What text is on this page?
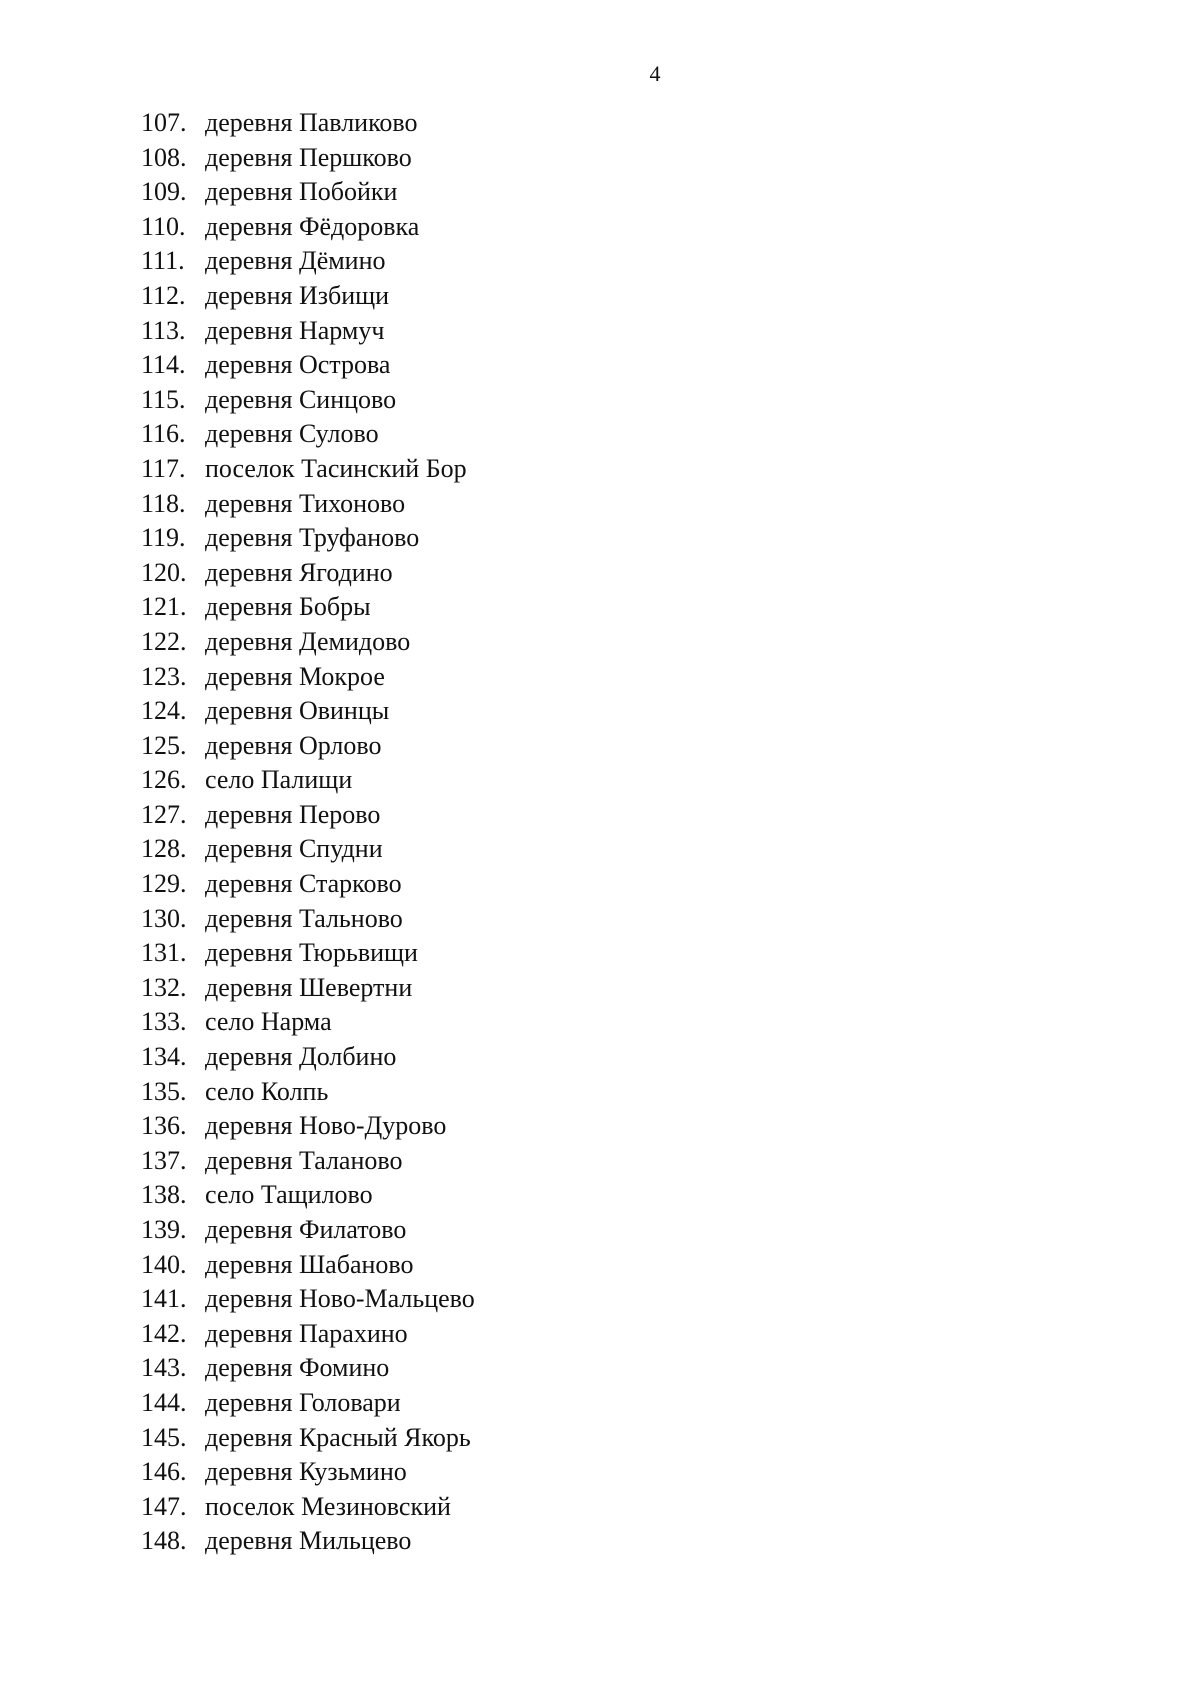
4
107. деревня Павликово
108. деревня Першково
109. деревня Побойки
110. деревня Фёдоровка
111. деревня Дёмино
112. деревня Избищи
113. деревня Нармуч
114. деревня Острова
115. деревня Синцово
116. деревня Сулово
117. поселок Тасинский Бор
118. деревня Тихоново
119. деревня Труфаново
120. деревня Ягодино
121. деревня Бобры
122. деревня Демидово
123. деревня Мокрое
124. деревня Овинцы
125. деревня Орлово
126. село Палищи
127. деревня Перово
128. деревня Спудни
129. деревня Старково
130. деревня Тальново
131. деревня Тюрьвищи
132. деревня Шевертни
133. село Нарма
134. деревня Долбино
135. село Колпь
136. деревня Ново-Дурово
137. деревня Таланово
138. село Тащилово
139. деревня Филатово
140. деревня Шабаново
141. деревня Ново-Мальцево
142. деревня Парахино
143. деревня Фомино
144. деревня Головари
145. деревня Красный Якорь
146. деревня Кузьмино
147. поселок Мезиновский
148. деревня Мильцево
